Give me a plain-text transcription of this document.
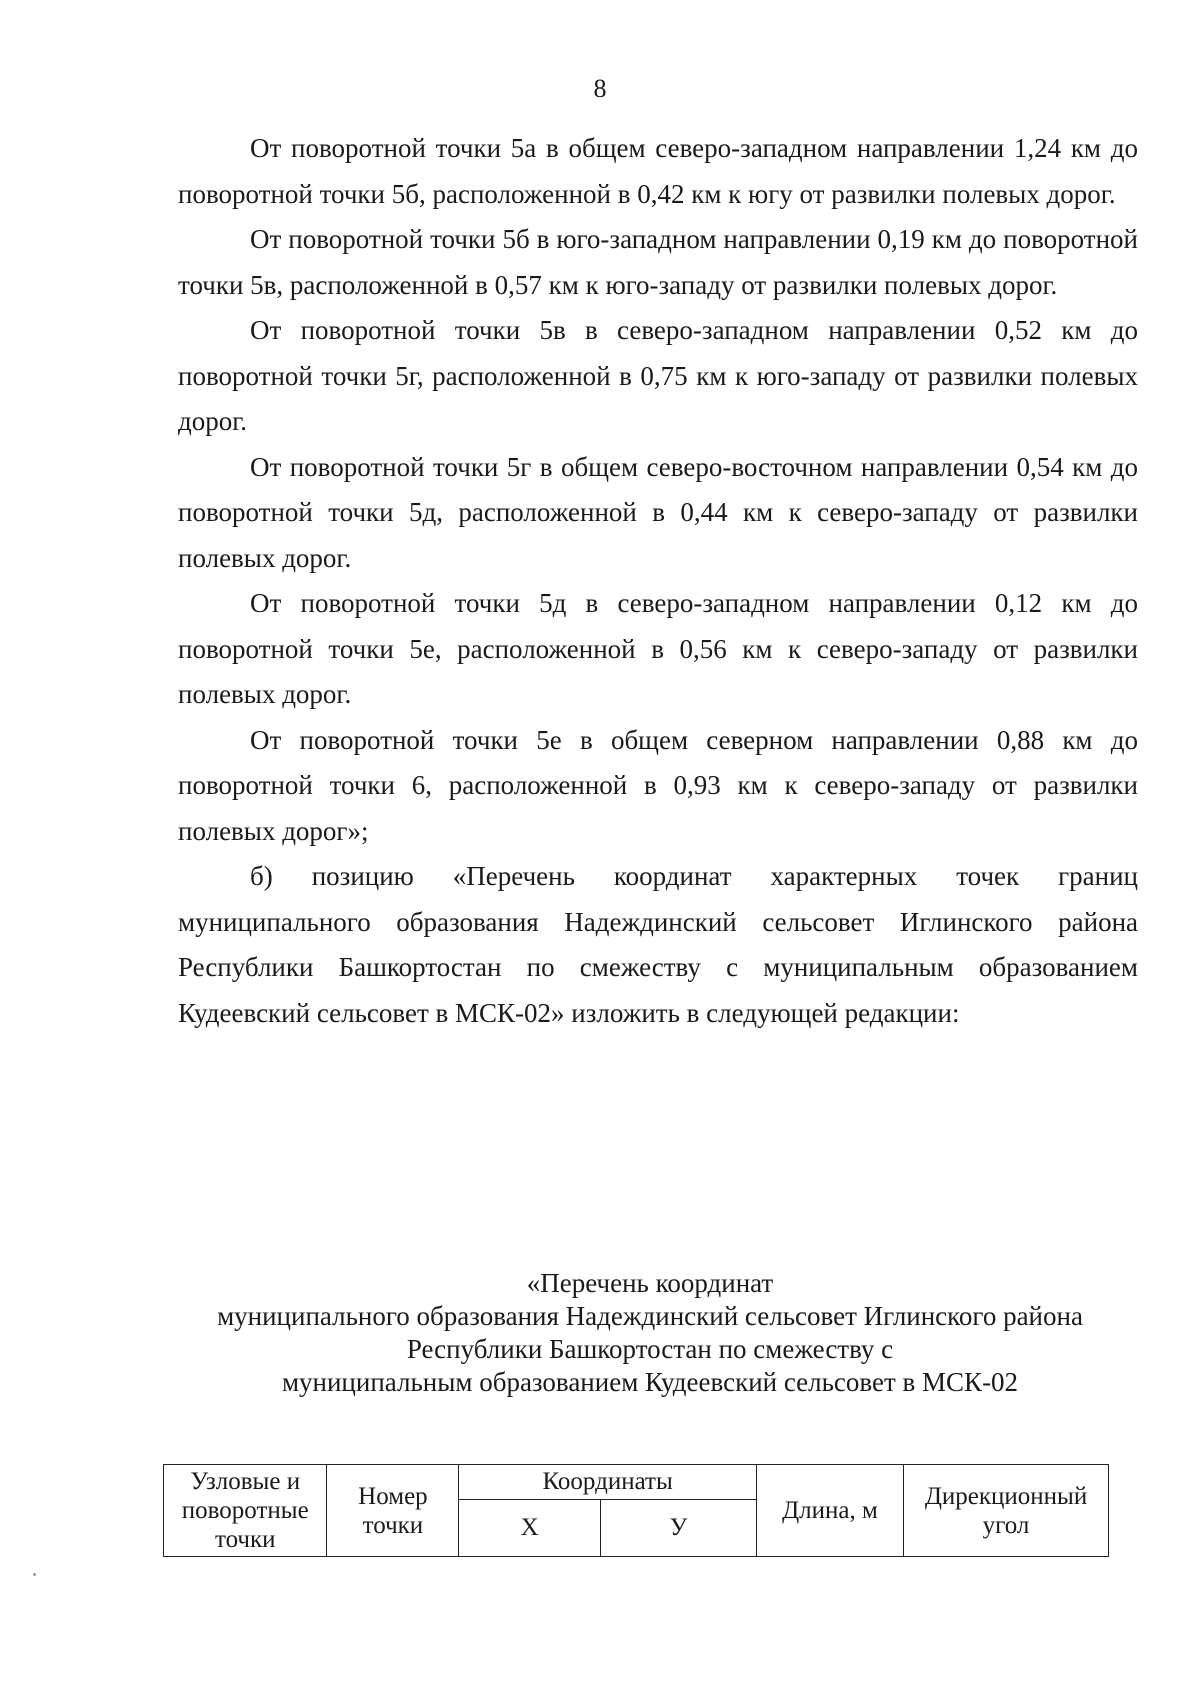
8

От поворотной точки 5а в общем северо-западном направлении 1,24 км до поворотной точки 5б, расположенной в 0,42 км к югу от развилки полевых дорог.

От поворотной точки 5б в юго-западном направлении 0,19 км до поворотной точки 5в, расположенной в 0,57 км к юго-западу от развилки полевых дорог.

От поворотной точки 5в в северо-западном направлении 0,52 км до поворотной точки 5г, расположенной в 0,75 км к юго-западу от развилки полевых дорог.

От поворотной точки 5г в общем северо-восточном направлении 0,54 км до поворотной точки 5д, расположенной в 0,44 км к северо-западу от развилки полевых дорог.

От поворотной точки 5д в северо-западном направлении 0,12 км до поворотной точки 5е, расположенной в 0,56 км к северо-западу от развилки полевых дорог.

От поворотной точки 5е в общем северном направлении 0,88 км до поворотной точки 6, расположенной в 0,93 км к северо-западу от развилки полевых дорог»;

б) позицию «Перечень координат характерных точек границ муниципального образования Надеждинский сельсовет Иглинского района Республики Башкортостан по смежеству с муниципальным образованием Кудеевский сельсовет в МСК-02» изложить в следующей редакции:

«Перечень координат
муниципального образования Надеждинский сельсовет Иглинского района
Республики Башкортостан по смежеству с
муниципальным образованием Кудеевский сельсовет в МСК-02
Узловые и поворотные точки	Номер точки	Координаты		Длина, м	Дирекционный угол
		Х	У		
